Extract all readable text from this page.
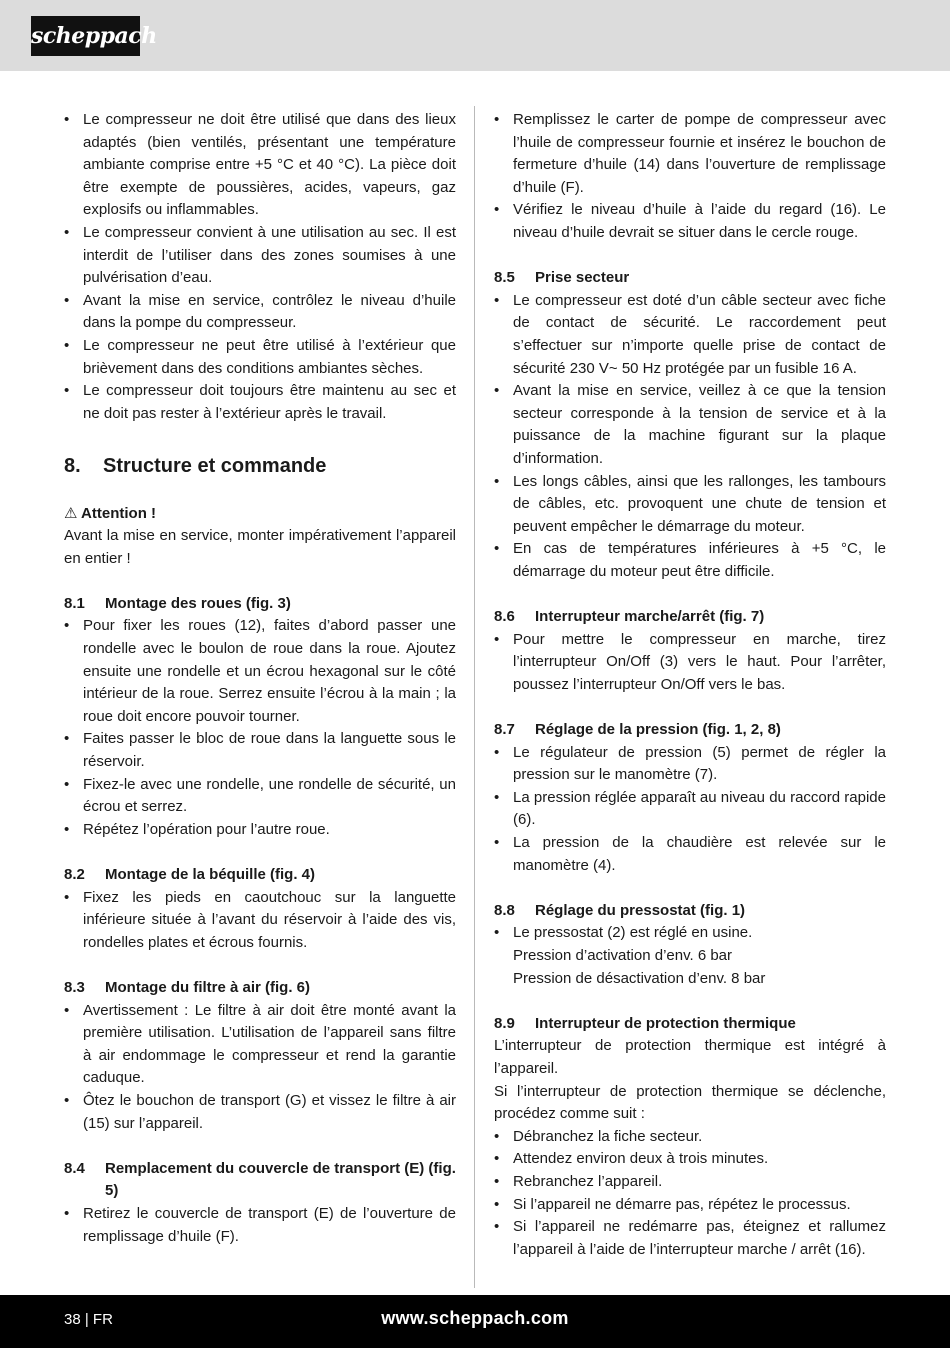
scheppach
• Le compresseur ne doit être utilisé que dans des lieux adaptés (bien ventilés, présentant une température ambiante comprise entre +5 °C et 40 °C). La pièce doit être exempte de poussières, acides, vapeurs, gaz explosifs ou inflammables.
• Le compresseur convient à une utilisation au sec. Il est interdit de l’utiliser dans des zones soumises à une pulvérisation d’eau.
• Avant la mise en service, contrôlez le niveau d’huile dans la pompe du compresseur.
• Le compresseur ne peut être utilisé à l’extérieur que brièvement dans des conditions ambiantes sèches.
• Le compresseur doit toujours être maintenu au sec et ne doit pas rester à l’extérieur après le travail.
8.	Structure et commande

⚠ Attention !

Avant la mise en service, monter impérativement l’appareil en entier !

8.1	Montage des roues (fig. 3)
• Pour fixer les roues (12), faites d’abord passer une rondelle avec le boulon de roue dans la roue. Ajoutez ensuite une rondelle et un écrou hexagonal sur le côté intérieur de la roue. Serrez ensuite l’écrou à la main ; la roue doit encore pouvoir tourner.
• Faites passer le bloc de roue dans la languette sous le réservoir.
• Fixez-le avec une rondelle, une rondelle de sécurité, un écrou et serrez.
• Répétez l’opération pour l’autre roue.
8.2	Montage de la béquille (fig. 4)
• Fixez les pieds en caoutchouc sur la languette inférieure située à l’avant du réservoir à l’aide des vis, rondelles plates et écrous fournis.
8.3	Montage du filtre à air (fig. 6)
• Avertissement : Le filtre à air doit être monté avant la première utilisation. L’utilisation de l’appareil sans filtre à air endommage le compresseur et rend la garantie caduque.
• Ôtez le bouchon de transport (G) et vissez le filtre à air (15) sur l’appareil.
8.4	Remplacement du couvercle de transport (E) (fig. 5)
• Retirez le couvercle de transport (E) de l’ouverture de remplissage d’huile (F).
• Remplissez le carter de pompe de compresseur avec l’huile de compresseur fournie et insérez le bouchon de fermeture d’huile (14) dans l’ouverture de remplissage d’huile (F).
• Vérifiez le niveau d’huile à l’aide du regard (16). Le niveau d’huile devrait se situer dans le cercle rouge.
8.5	Prise secteur
• Le compresseur est doté d’un câble secteur avec fiche de contact de sécurité. Le raccordement peut s’effectuer sur n’importe quelle prise de contact de sécurité 230 V~ 50 Hz protégée par un fusible 16 A.
• Avant la mise en service, veillez à ce que la tension secteur corresponde à la tension de service et à la puissance de la machine figurant sur la plaque d’information.
• Les longs câbles, ainsi que les rallonges, les tambours de câbles, etc. provoquent une chute de tension et peuvent empêcher le démarrage du moteur.
• En cas de températures inférieures à +5 °C, le démarrage du moteur peut être difficile.
8.6	Interrupteur marche/arrêt (fig. 7)
• Pour mettre le compresseur en marche, tirez l’interrupteur On/Off (3) vers le haut. Pour l’arrêter, poussez l’interrupteur On/Off vers le bas.
8.7	Réglage de la pression (fig. 1, 2, 8)
• Le régulateur de pression (5) permet de régler la pression sur le manomètre (7).
• La pression réglée apparaît au niveau du raccord rapide (6).
• La pression de la chaudière est relevée sur le manomètre (4).
8.8	Réglage du pressostat (fig. 1)
• Le pressostat (2) est réglé en usine.
Pression d’activation d’env. 6 bar
Pression de désactivation d’env. 8 bar
8.9	Interrupteur de protection thermique

L’interrupteur de protection thermique est intégré à l’appareil.

Si l’interrupteur de protection thermique se déclenche, procédez comme suit :

• Débranchez la fiche secteur.
• Attendez environ deux à trois minutes.
• Rebranchez l’appareil.
• Si l’appareil ne démarre pas, répétez le processus.
• Si l’appareil ne redémarre pas, éteignez et rallumez l’appareil à l’aide de l’interrupteur marche / arrêt (16).
38 | FR	www.scheppach.com
